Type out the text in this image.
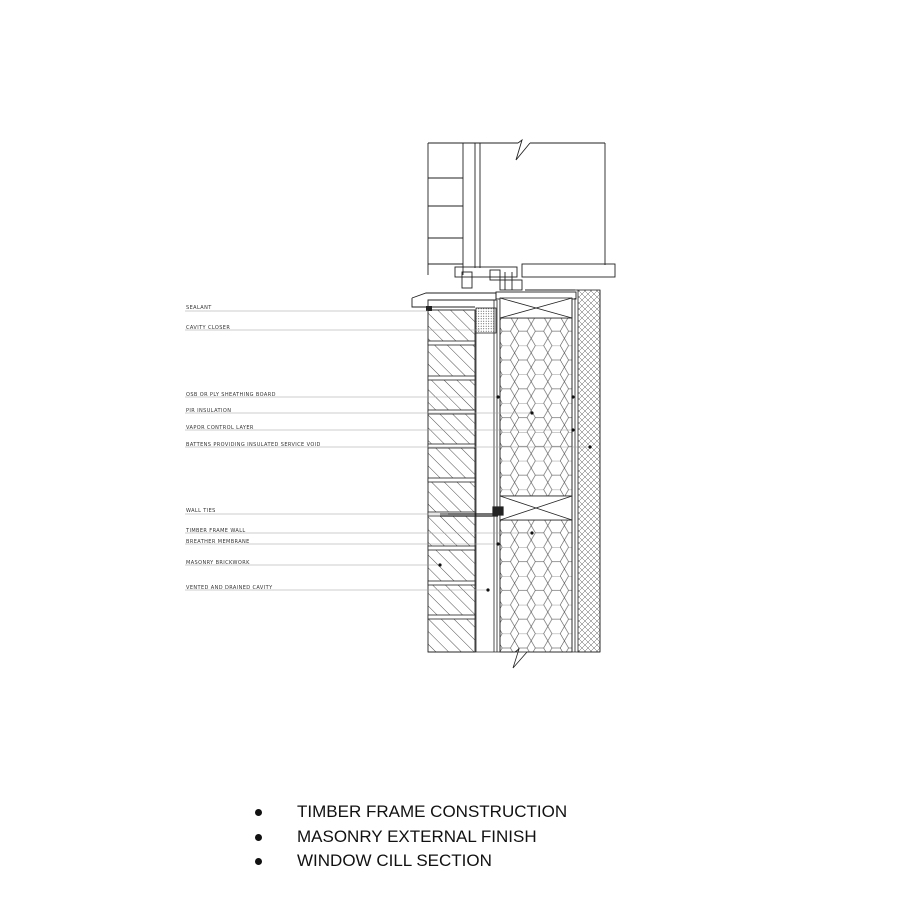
SEALANT
CAVITY CLOSER
OSB OR PLY SHEATHING BOARD
PIR INSULATION
VAPOR CONTROL LAYER
BATTENS PROVIDING INSULATED SERVICE VOID
WALL TIES
TIMBER FRAME WALL
BREATHER MEMBRANE
MASONRY BRICKWORK
VENTED AND DRAINED CAVITY
TIMBER FRAME CONSTRUCTION
MASONRY EXTERNAL FINISH
WINDOW CILL SECTION
